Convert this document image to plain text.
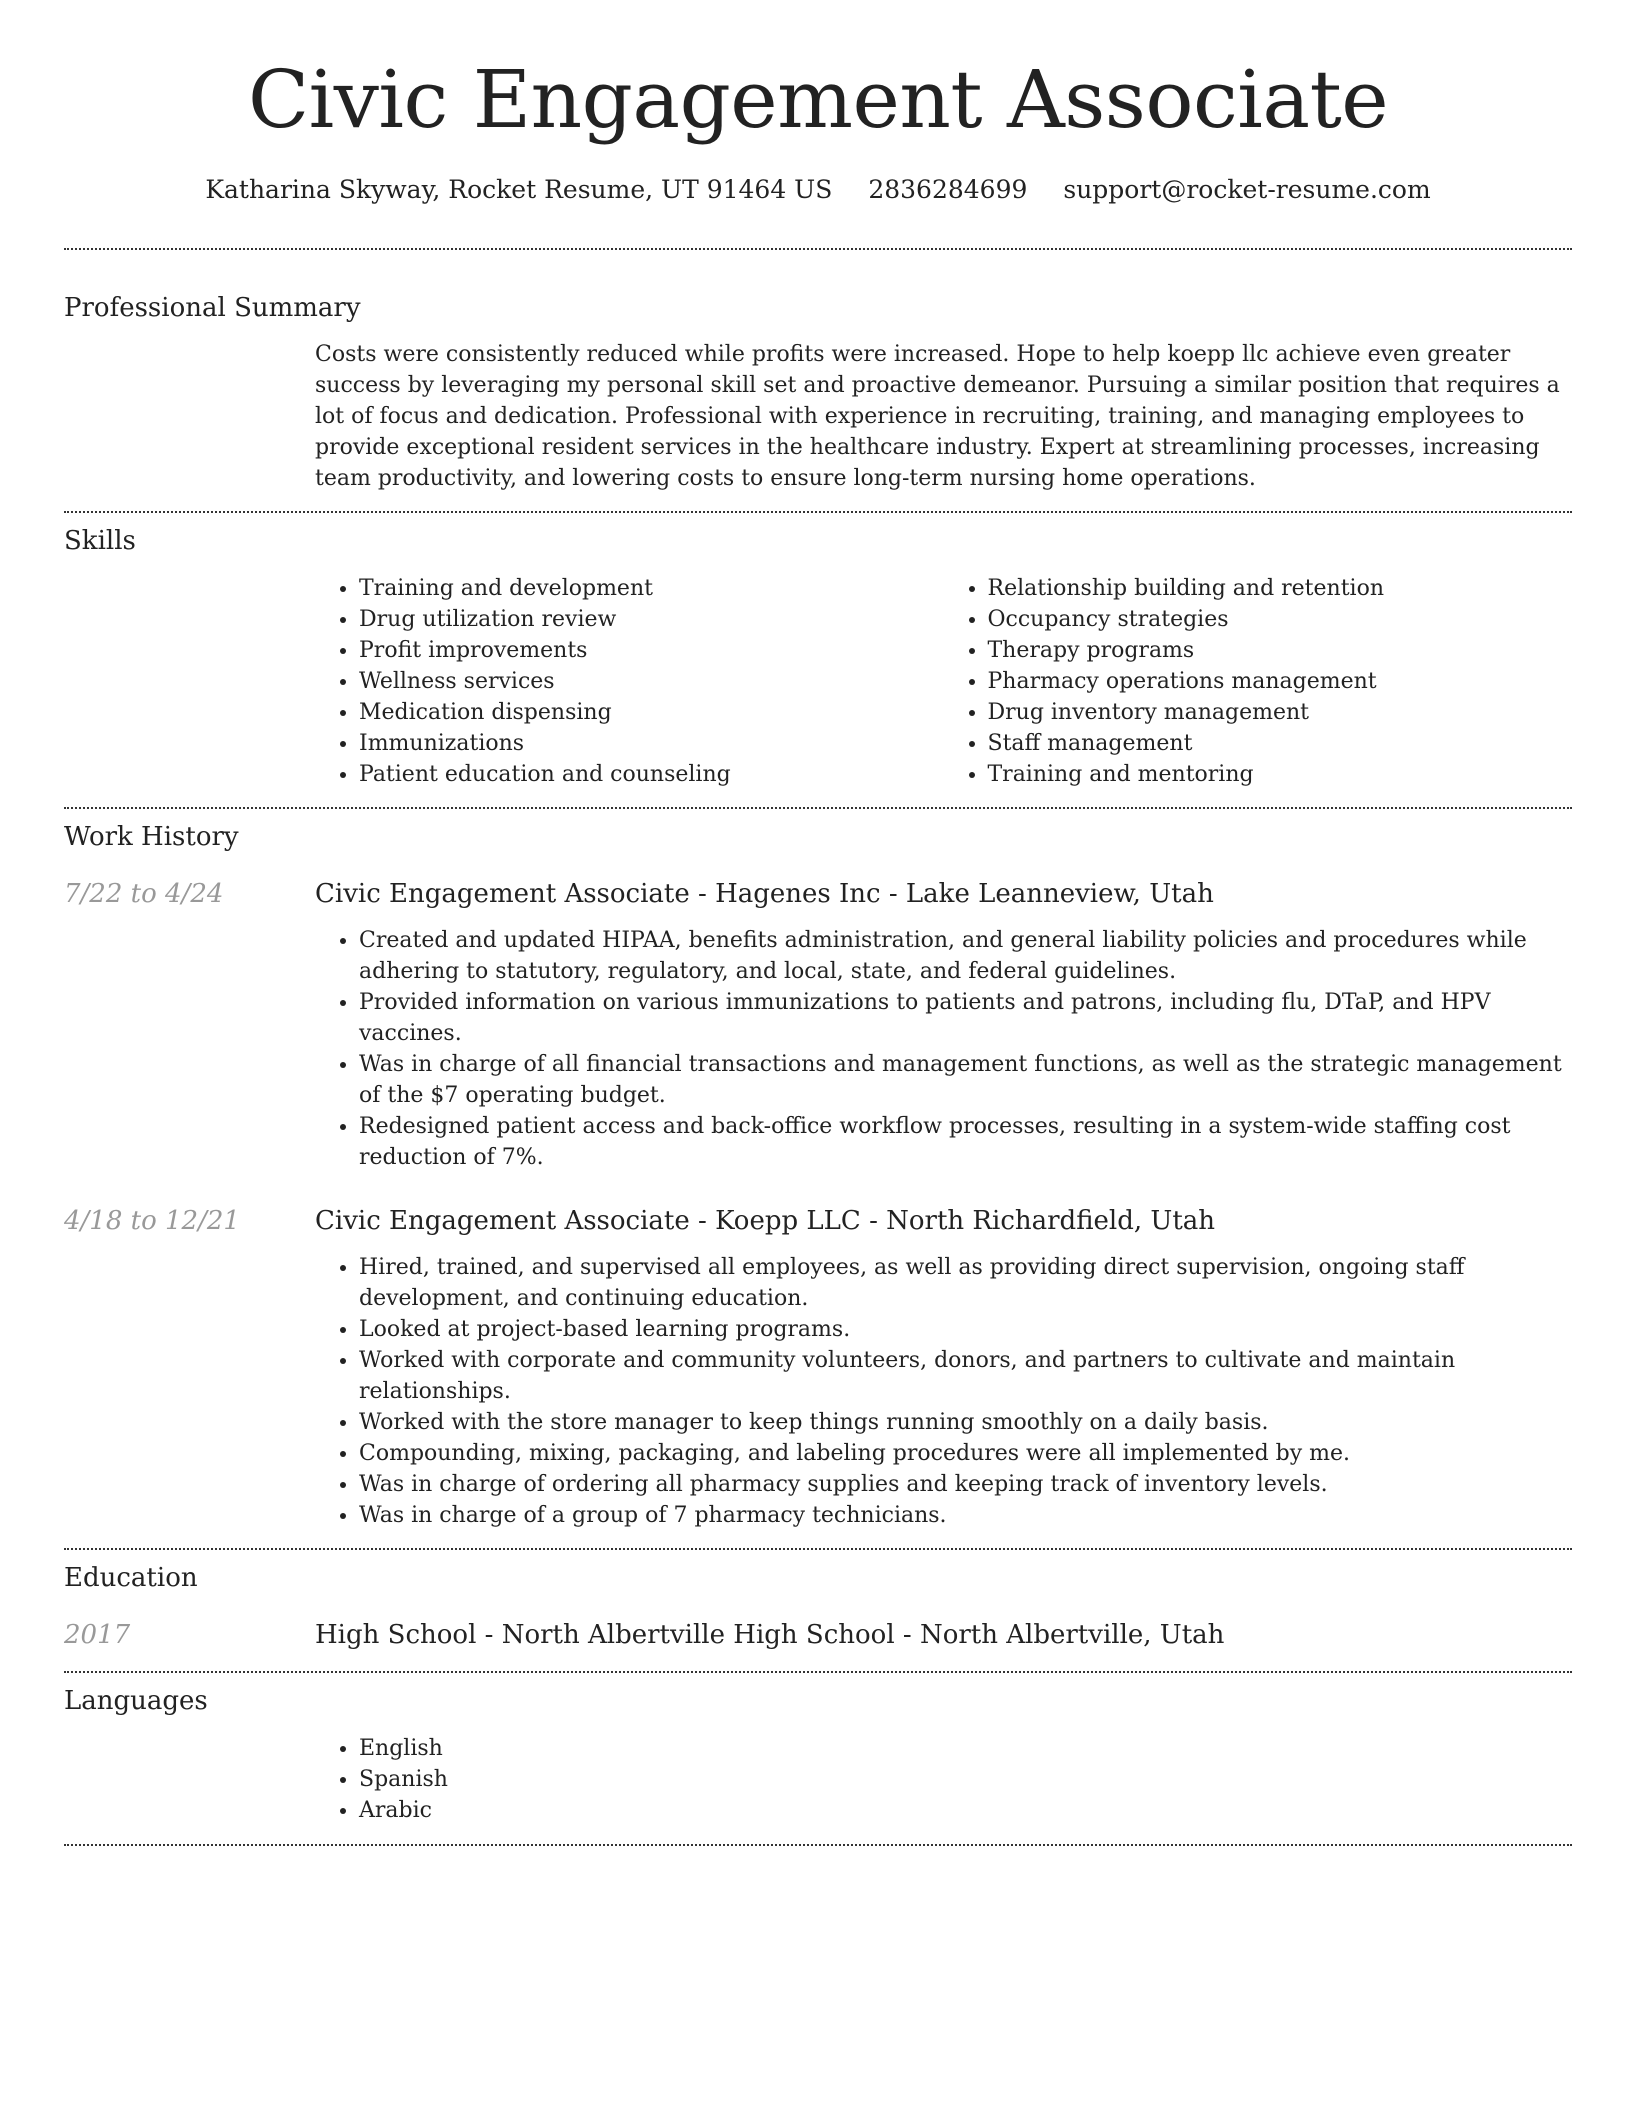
Civic Engagement Associate
Katharina Skyway, Rocket Resume, UT 91464 US 2836284699 support@rocket-resume.com
Professional Summary

Costs were consistently reduced while profits were increased. Hope to help koepp llc achieve even greater success by leveraging my personal skill set and proactive demeanor. Pursuing a similar position that requires a lot of focus and dedication. Professional with experience in recruiting, training, and managing employees to provide exceptional resident services in the healthcare industry. Expert at streamlining processes, increasing team productivity, and lowering costs to ensure long-term nursing home operations.

Skills
• Training and development
• Drug utilization review
• Profit improvements
• Wellness services
• Medication dispensing
• Immunizations
• Patient education and counseling
• Relationship building and retention
• Occupancy strategies
• Therapy programs
• Pharmacy operations management
• Drug inventory management
• Staff management
• Training and mentoring
Work History
7/22 to 4/24	Civic Engagement Associate - Hagenes Inc - Lake Leanneview, Utah
• Created and updated HIPAA, benefits administration, and general liability policies and procedures while adhering to statutory, regulatory, and local, state, and federal guidelines.
• Provided information on various immunizations to patients and patrons, including flu, DTaP, and HPV vaccines.
• Was in charge of all financial transactions and management functions, as well as the strategic management of the $7 operating budget.
• Redesigned patient access and back-office workflow processes, resulting in a system-wide staffing cost reduction of 7%.
4/18 to 12/21	Civic Engagement Associate - Koepp LLC - North Richardfield, Utah
• Hired, trained, and supervised all employees, as well as providing direct supervision, ongoing staff development, and continuing education.
• Looked at project-based learning programs.
• Worked with corporate and community volunteers, donors, and partners to cultivate and maintain relationships.
• Worked with the store manager to keep things running smoothly on a daily basis.
• Compounding, mixing, packaging, and labeling procedures were all implemented by me.
• Was in charge of ordering all pharmacy supplies and keeping track of inventory levels.
• Was in charge of a group of 7 pharmacy technicians.
Education
2017	High School - North Albertville High School - North Albertville, Utah
Languages
• English
• Spanish
• Arabic
